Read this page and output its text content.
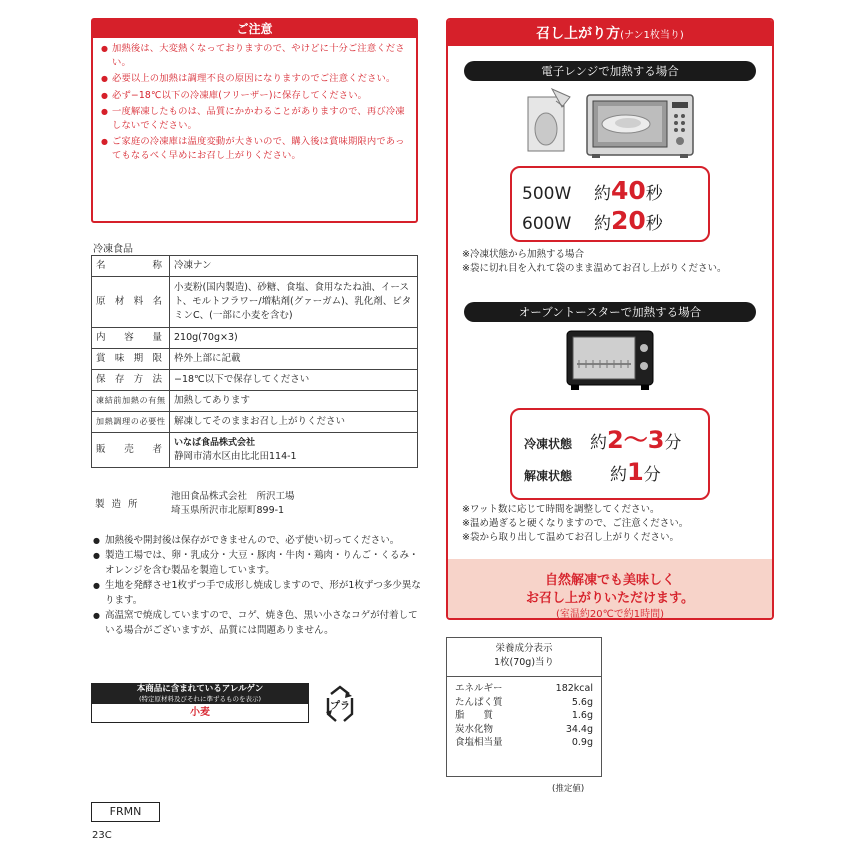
ご注意
● 加熱後は、大変熱くなっておりますので、やけどに十分ご注意ください。
● 必要以上の加熱は調理不良の原因になりますのでご注意ください。
● 必ず−18℃以下の冷凍庫(フリーザー)に保存してください。
● 一度解凍したものは、品質にかかわることがありますので、再び冷凍しないでください。
● ご家庭の冷凍庫は温度変動が大きいので、購入後は賞味期限内であってもなるべく早めにお召し上がりください。
冷凍食品
名称	冷凍ナン
原材料名	小麦粉(国内製造)、砂糖、食塩、食用なたね油、イースト、モルトフラワー/増粘剤(グァーガム)、乳化剤、ビタミンC、(一部に小麦を含む)
内容量	210g(70g×3)
賞味期限	枠外上部に記載
保存方法	−18℃以下で保存してください
凍結前加熱の有無	加熱してあります
加熱調理の必要性	解凍してそのままお召し上がりください
販売者	いなば食品株式会社
静岡市清水区由比北田114-1
製造所
池田食品株式会社　所沢工場
埼玉県所沢市北原町899-1
● 加熱後や開封後は保存ができませんので、必ず使い切ってください。
● 製造工場では、卵・乳成分・大豆・豚肉・牛肉・鶏肉・りんご・くるみ・オレンジを含む製品を製造しています。
● 生地を発酵させ1枚ずつ手で成形し焼成しますので、形が1枚ずつ多少異なります。
● 高温窯で焼成していますので、コゲ、焼き色、黒い小さなコゲが付着している場合がございますが、品質には問題ありません。
本商品に含まれているアレルゲン
(特定原材料及びそれに準ずるものを表示)
小麦
プラ
FRMN
23C
召し上がり方(ナン1枚当り)
電子レンジで加熱する場合
500W 約40秒
600W 約20秒
※冷凍状態から加熱する場合
※袋に切れ目を入れて袋のまま温めてお召し上がりください。
オーブントースターで加熱する場合
冷凍状態 約2〜3分
解凍状態 約1分
※ワット数に応じて時間を調整してください。
※温め過ぎると硬くなりますので、ご注意ください。
※袋から取り出して温めてお召し上がりください。
自然解凍でも美味しく
お召し上がりいただけます。
(室温約20℃で約1時間)
栄養成分表示
1枚(70g)当り
エネルギー	182kcal
たんぱく質	5.6g
脂　　質	1.6g
炭水化物	34.4g
食塩相当量	0.9g
(推定値)
